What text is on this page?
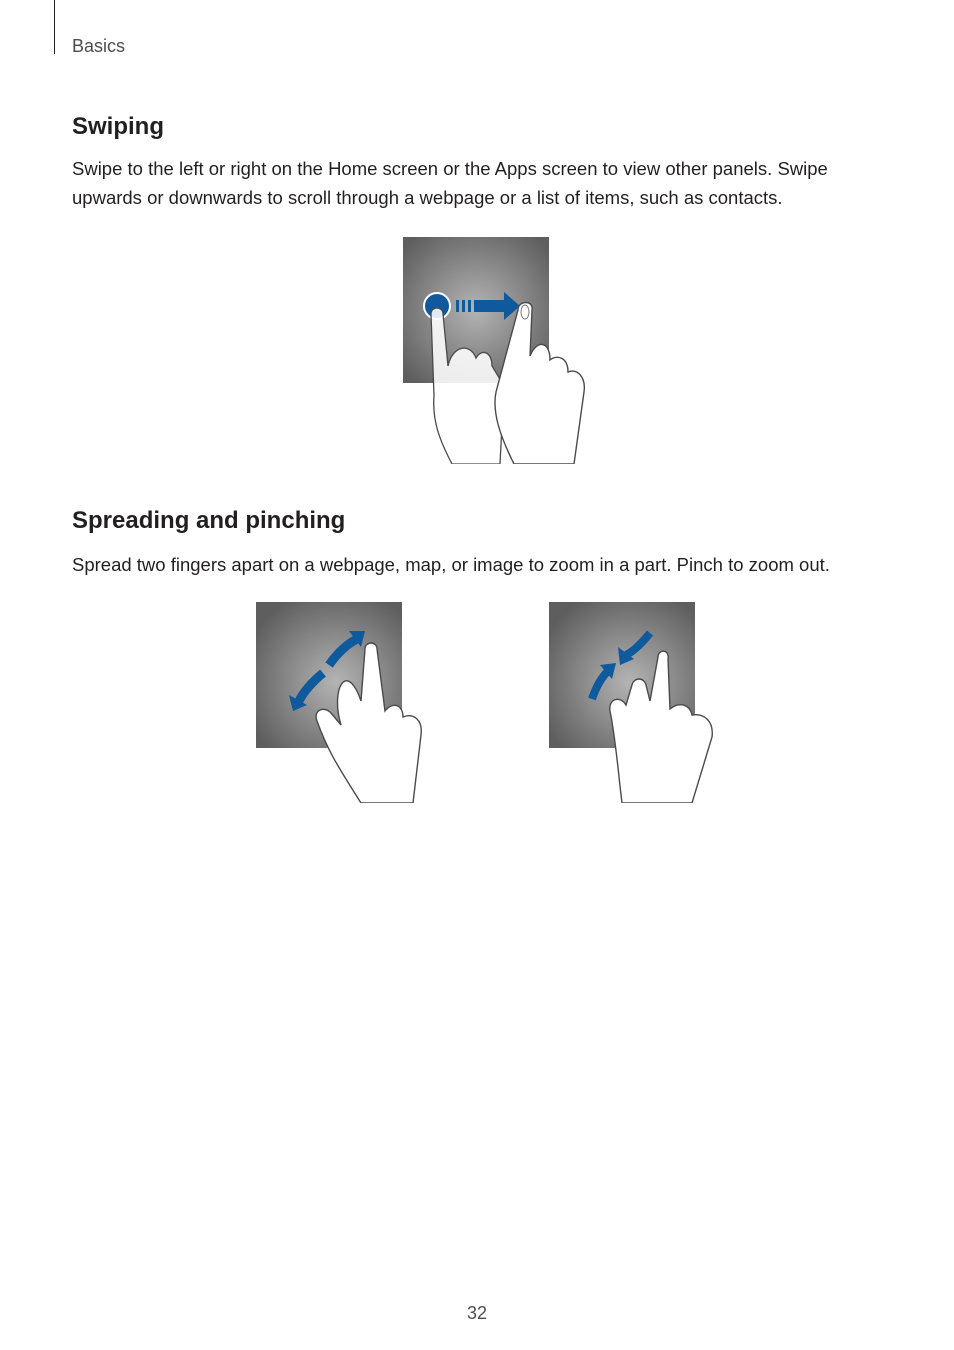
Basics
Swiping

Swipe to the left or right on the Home screen or the Apps screen to view other panels. Swipe upwards or downwards to scroll through a webpage or a list of items, such as contacts.

Spreading and pinching

Spread two fingers apart on a webpage, map, or image to zoom in a part. Pinch to zoom out.

32
